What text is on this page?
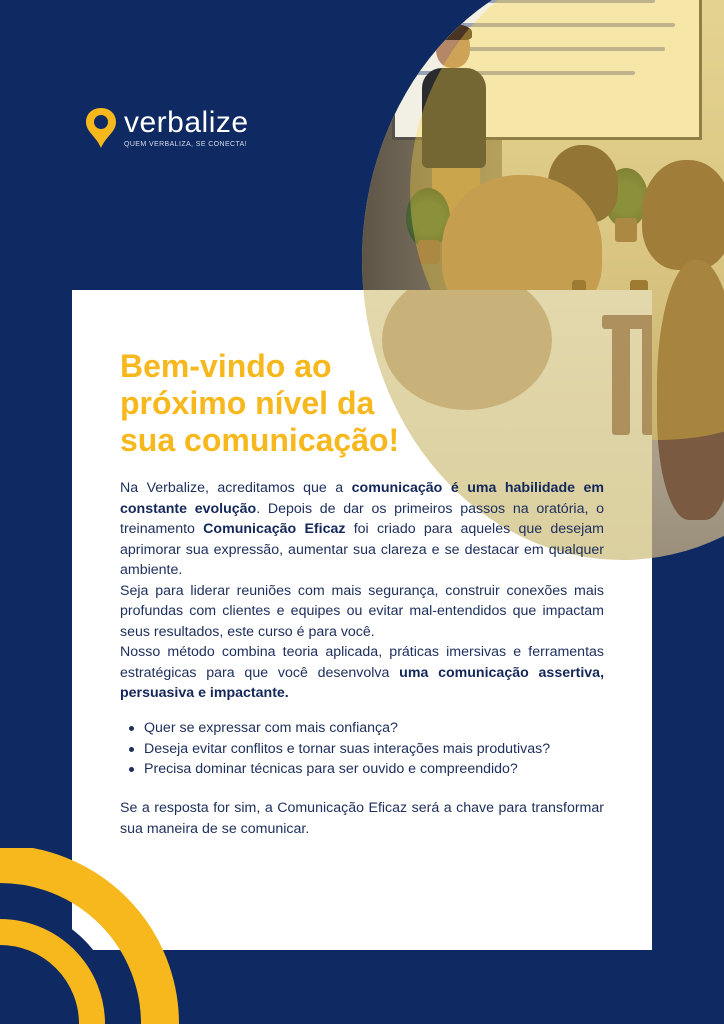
verbalize
QUEM VERBALIZA, SE CONECTA!
Bem-vindo ao
próximo nível da
sua comunicação!

Na Verbalize, acreditamos que a comunicação é uma habilidade em constante evolução. Depois de dar os primeiros passos na oratória, o treinamento Comunicação Eficaz foi criado para aqueles que desejam aprimorar sua expressão, aumentar sua clareza e se destacar em qualquer ambiente.

Seja para liderar reuniões com mais segurança, construir conexões mais profundas com clientes e equipes ou evitar mal-entendidos que impactam seus resultados, este curso é para você.

Nosso método combina teoria aplicada, práticas imersivas e ferramentas estratégicas para que você desenvolva uma comunicação assertiva, persuasiva e impactante.

Quer se expressar com mais confiança?
Deseja evitar conflitos e tornar suas interações mais produtivas?
Precisa dominar técnicas para ser ouvido e compreendido?

Se a resposta for sim, a Comunicação Eficaz será a chave para transformar sua maneira de se comunicar.
